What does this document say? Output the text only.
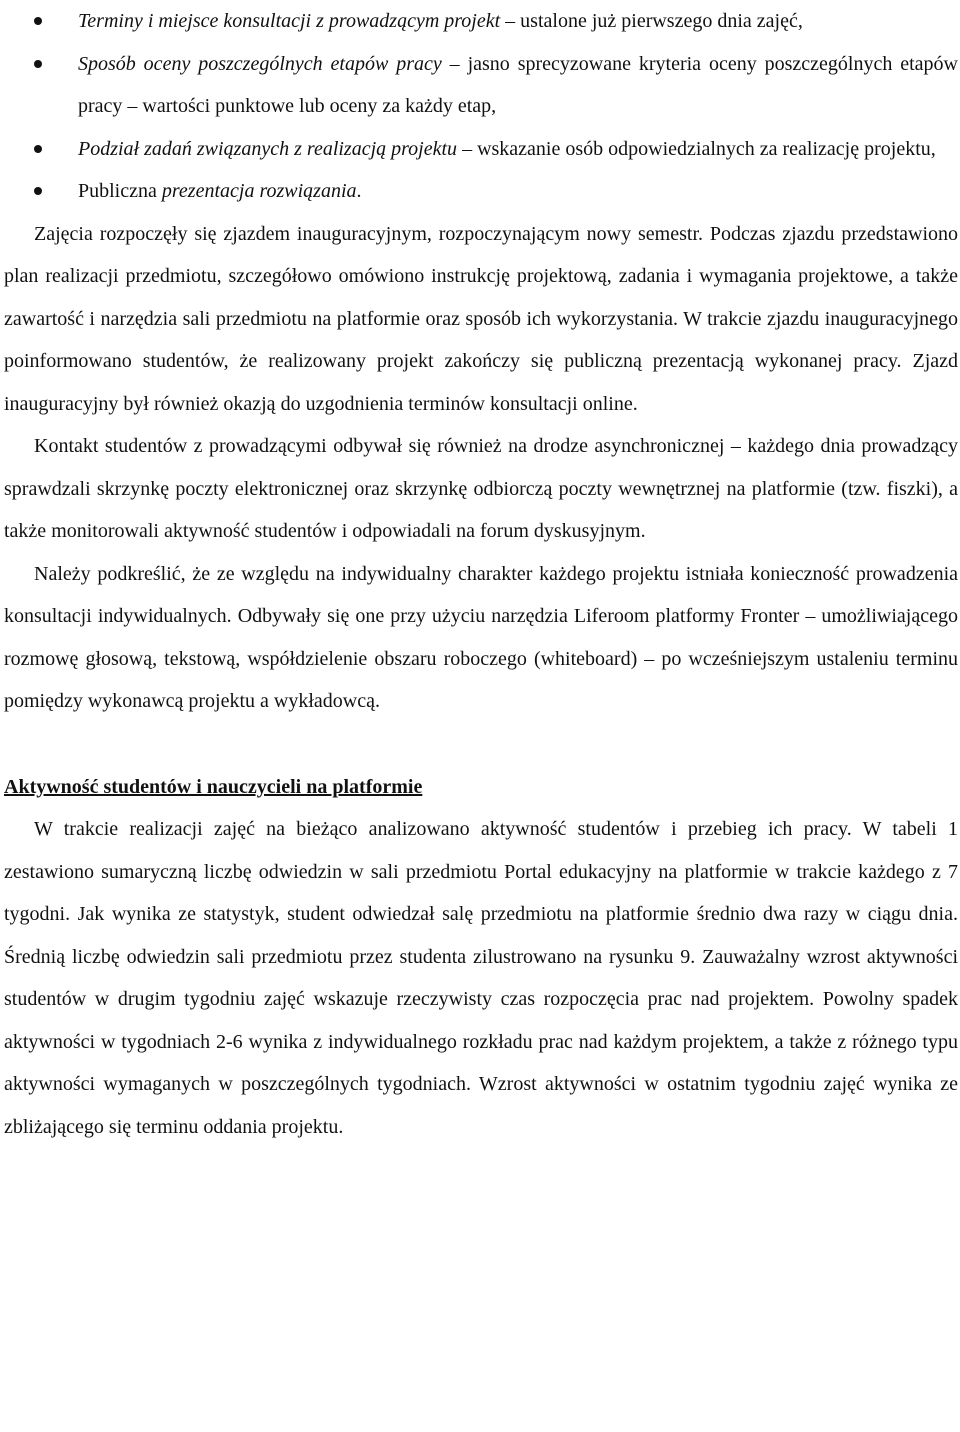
Terminy i miejsce konsultacji z prowadzącym projekt – ustalone już pierwszego dnia zajęć,
Sposób oceny poszczególnych etapów pracy – jasno sprecyzowane kryteria oceny poszczególnych etapów pracy – wartości punktowe lub oceny za każdy etap,
Podział zadań związanych z realizacją projektu – wskazanie osób odpowiedzialnych za realizację projektu,
Publiczna prezentacja rozwiązania.

Zajęcia rozpoczęły się zjazdem inauguracyjnym, rozpoczynającym nowy semestr. Podczas zjazdu przedstawiono plan realizacji przedmiotu, szczegółowo omówiono instrukcję projektową, zadania i wymagania projektowe, a także zawartość i narzędzia sali przedmiotu na platformie oraz sposób ich wykorzystania. W trakcie zjazdu inauguracyjnego poinformowano studentów, że realizowany projekt zakończy się publiczną prezentacją wykonanej pracy. Zjazd inauguracyjny był również okazją do uzgodnienia terminów konsultacji online.

Kontakt studentów z prowadzącymi odbywał się również na drodze asynchronicznej – każdego dnia prowadzący sprawdzali skrzynkę poczty elektronicznej oraz skrzynkę odbiorczą poczty wewnętrznej na platformie (tzw. fiszki), a także monitorowali aktywność studentów i odpowiadali na forum dyskusyjnym.

Należy podkreślić, że ze względu na indywidualny charakter każdego projektu istniała konieczność prowadzenia konsultacji indywidualnych. Odbywały się one przy użyciu narzędzia Liferoom platformy Fronter – umożliwiającego rozmowę głosową, tekstową, współdzielenie obszaru roboczego (whiteboard) – po wcześniejszym ustaleniu terminu pomiędzy wykonawcą projektu a wykładowcą.

Aktywność studentów i nauczycieli na platformie

W trakcie realizacji zajęć na bieżąco analizowano aktywność studentów i przebieg ich pracy. W tabeli 1 zestawiono sumaryczną liczbę odwiedzin w sali przedmiotu Portal edukacyjny na platformie w trakcie każdego z 7 tygodni. Jak wynika ze statystyk, student odwiedzał salę przedmiotu na platformie średnio dwa razy w ciągu dnia. Średnią liczbę odwiedzin sali przedmiotu przez studenta zilustrowano na rysunku 9. Zauważalny wzrost aktywności studentów w drugim tygodniu zajęć wskazuje rzeczywisty czas rozpoczęcia prac nad projektem. Powolny spadek aktywności w tygodniach 2-6 wynika z indywidualnego rozkładu prac nad każdym projektem, a także z różnego typu aktywności wymaganych w poszczególnych tygodniach. Wzrost aktywności w ostatnim tygodniu zajęć wynika ze zbliżającego się terminu oddania projektu.
